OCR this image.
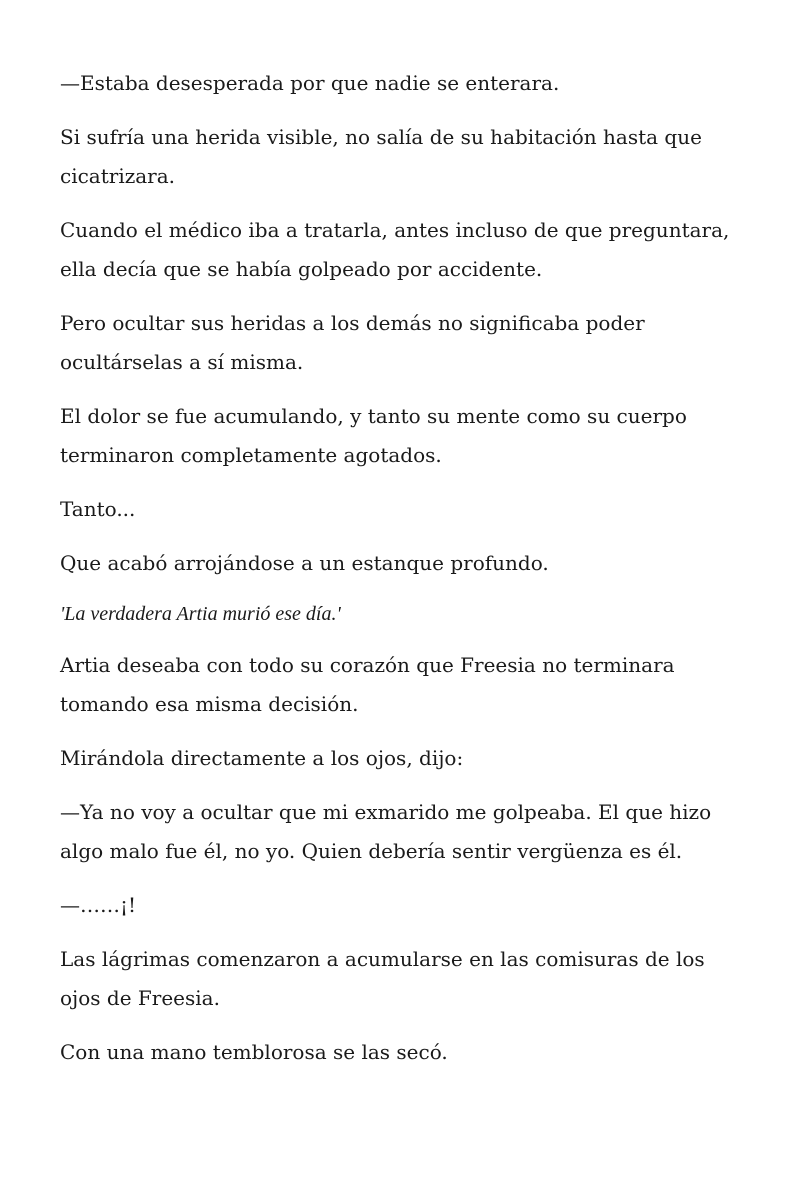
—Estaba desesperada por que nadie se enterara.

Si sufría una herida visible, no salía de su habitación hasta que cicatrizara.

Cuando el médico iba a tratarla, antes incluso de que preguntara, ella decía que se había golpeado por accidente.

Pero ocultar sus heridas a los demás no significaba poder ocultárselas a sí misma.

El dolor se fue acumulando, y tanto su mente como su cuerpo terminaron completamente agotados.

Tanto...

Que acabó arrojándose a un estanque profundo.

'La verdadera Artia murió ese día.'

Artia deseaba con todo su corazón que Freesia no terminara tomando esa misma decisión.

Mirándola directamente a los ojos, dijo:

—Ya no voy a ocultar que mi exmarido me golpeaba. El que hizo algo malo fue él, no yo. Quien debería sentir vergüenza es él.

—……¡!

Las lágrimas comenzaron a acumularse en las comisuras de los ojos de Freesia.

Con una mano temblorosa se las secó.
